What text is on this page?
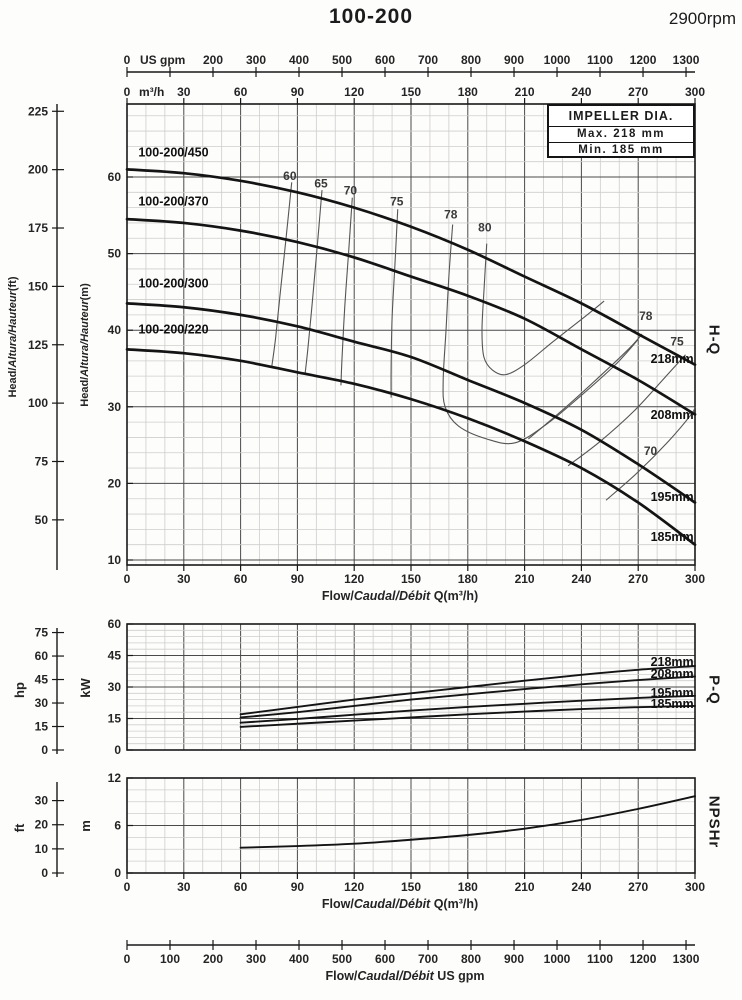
100-200	2900rpm
0	200 300 400 500 600 700 800 900 1000 1100 1200 1300
US gpm
0	30	60	90	120	150	180	210	240	270	300
m³/h
50
75
100
125
150
175
200
225
Head/Altura/Hauteur(ft)
10
20
30
40
50
60
Head/Altura/Hauteur(m)
0	30	60	90	120	150	180	210	240	270	300
Flow/Caudal/Débit Q(m³/h)
60
65 70
75
78
80
78
75
70
100-200/450
218mm
100-200/370
208mm
100-200/300
195mm
100-200/220
185mm
0
15
30
45
60
75
hp
0
15
30
45
60
kW
218mm
208mm
195mm
185mm
0
10
20
30
ft
0
6
12
m
0	30	60	90	120	150	180	210	240	270	300
Flow/Caudal/Débit Q(m³/h)
0 100 200 300 400 500 600 700 800 900 1000 1100 1200 1300
Flow/Caudal/Débit US gpm
IMPELLER DIA.
Max. 218 mm
Min. 185 mm
H-Q
P-Q
NPSHr
